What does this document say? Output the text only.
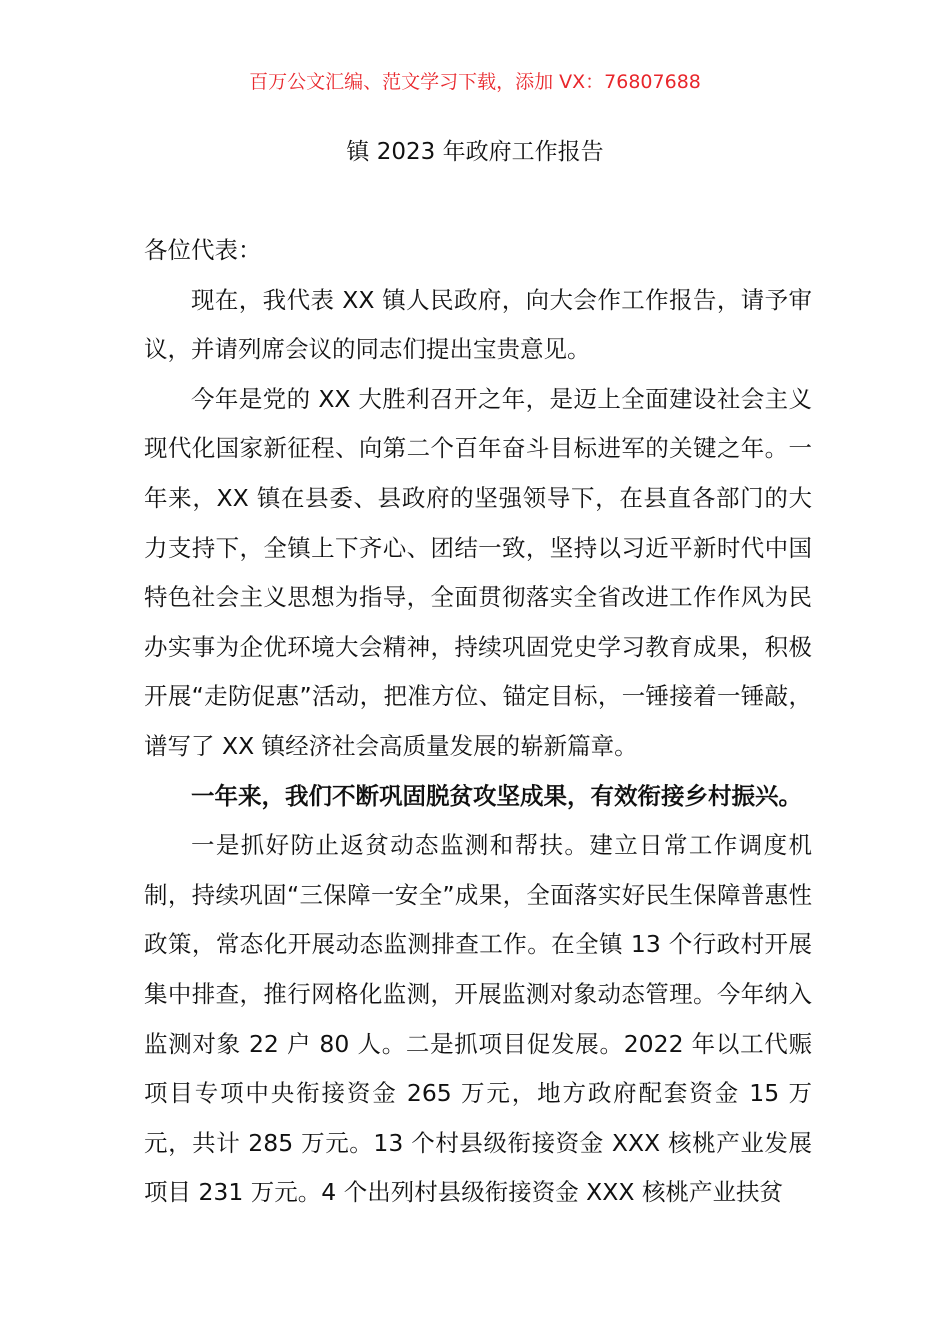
百万公文汇编、范文学习下载，添加 VX：76807688
镇 2023 年政府工作报告

各位代表：

现在，我代表 XX 镇人民政府，向大会作工作报告，请予审议，并请列席会议的同志们提出宝贵意见。

今年是党的 XX 大胜利召开之年，是迈上全面建设社会主义现代化国家新征程、向第二个百年奋斗目标进军的关键之年。一年来，XX 镇在县委、县政府的坚强领导下，在县直各部门的大力支持下，全镇上下齐心、团结一致，坚持以习近平新时代中国特色社会主义思想为指导，全面贯彻落实全省改进工作作风为民办实事为企优环境大会精神，持续巩固党史学习教育成果，积极开展“走防促惠”活动，把准方位、锚定目标，一锤接着一锤敲，谱写了 XX 镇经济社会高质量发展的崭新篇章。

一年来，我们不断巩固脱贫攻坚成果，有效衔接乡村振兴。

一是抓好防止返贫动态监测和帮扶。建立日常工作调度机制，持续巩固“三保障一安全”成果，全面落实好民生保障普惠性政策，常态化开展动态监测排查工作。在全镇 13 个行政村开展集中排查，推行网格化监测，开展监测对象动态管理。今年纳入监测对象 22 户 80 人。二是抓项目促发展。2022 年以工代赈项目专项中央衔接资金 265 万元，地方政府配套资金 15 万元，共计 285 万元。13 个村县级衔接资金 XXX 核桃产业发展项目 231 万元。4 个出列村县级衔接资金 XXX 核桃产业扶贫
